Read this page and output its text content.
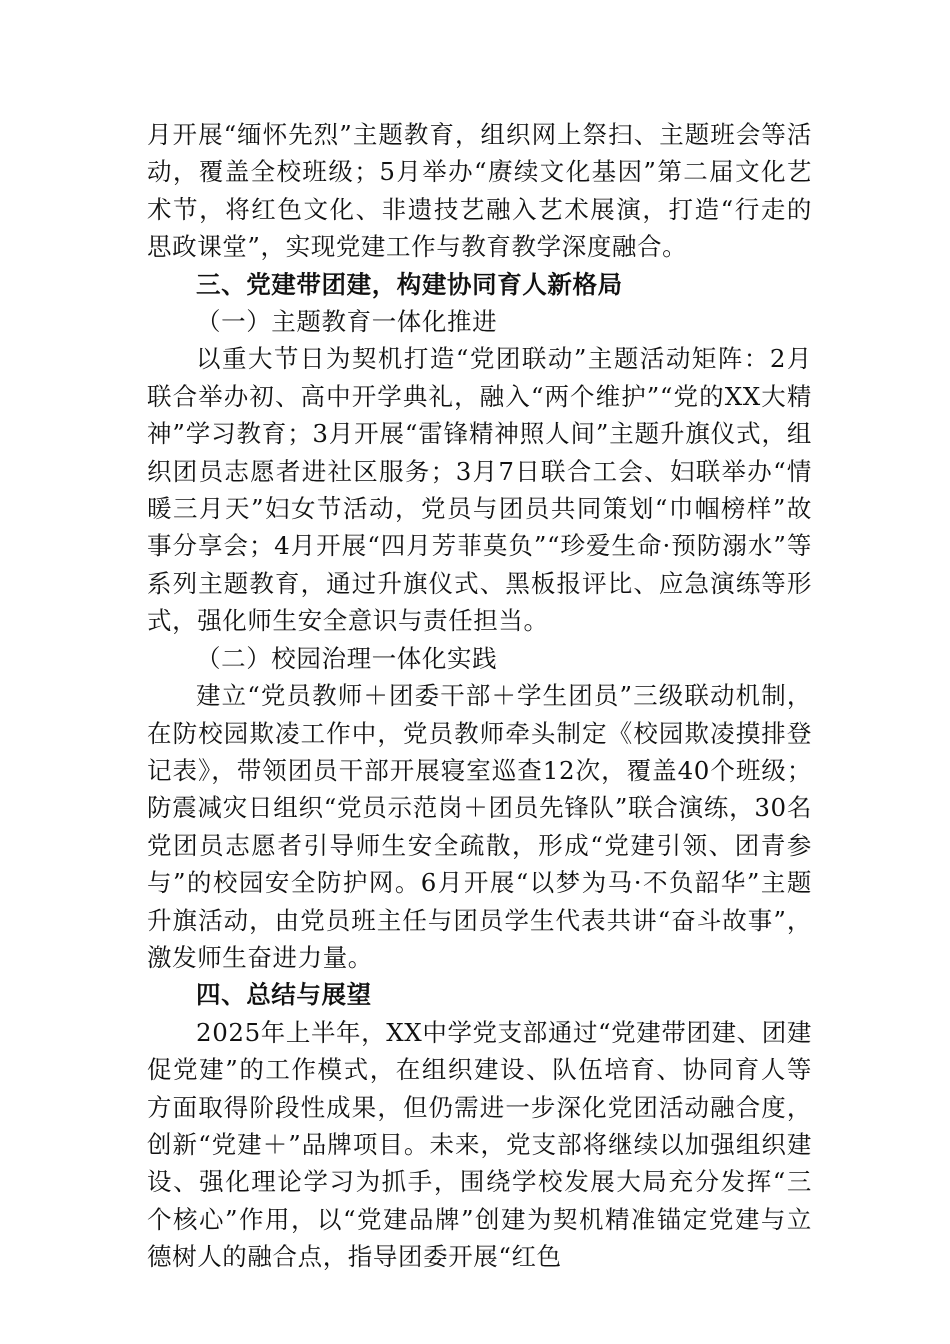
月开展“缅怀先烈”主题教育，组织网上祭扫、主题班会等活动，覆盖全校班级；5月举办“赓续文化基因”第二届文化艺术节，将红色文化、非遗技艺融入艺术展演，打造“行走的思政课堂”，实现党建工作与教育教学深度融合。

三、党建带团建，构建协同育人新格局
（一）主题教育一体化推进

以重大节日为契机打造“党团联动”主题活动矩阵：2月联合举办初、高中开学典礼，融入“两个维护”“党的XX大精神”学习教育；3月开展“雷锋精神照人间”主题升旗仪式，组织团员志愿者进社区服务；3月7日联合工会、妇联举办“情暖三月天”妇女节活动，党员与团员共同策划“巾帼榜样”故事分享会；4月开展“四月芳菲莫负”“珍爱生命·预防溺水”等系列主题教育，通过升旗仪式、黑板报评比、应急演练等形式，强化师生安全意识与责任担当。

（二）校园治理一体化实践

建立“党员教师＋团委干部＋学生团员”三级联动机制，在防校园欺凌工作中，党员教师牵头制定《校园欺凌摸排登记表》，带领团员干部开展寝室巡查12次，覆盖40个班级；防震减灾日组织“党员示范岗＋团员先锋队”联合演练，30名党团员志愿者引导师生安全疏散，形成“党建引领、团青参与”的校园安全防护网。6月开展“以梦为马·不负韶华”主题升旗活动，由党员班主任与团员学生代表共讲“奋斗故事”，激发师生奋进力量。

四、总结与展望

2025年上半年，XX中学党支部通过“党建带团建、团建促党建”的工作模式，在组织建设、队伍培育、协同育人等方面取得阶段性成果，但仍需进一步深化党团活动融合度，创新“党建＋”品牌项目。未来，党支部将继续以加强组织建设、强化理论学习为抓手，围绕学校发展大局充分发挥“三个核心”作用，以“党建品牌”创建为契机精准锚定党建与立德树人的融合点，指导团委开展“红色
